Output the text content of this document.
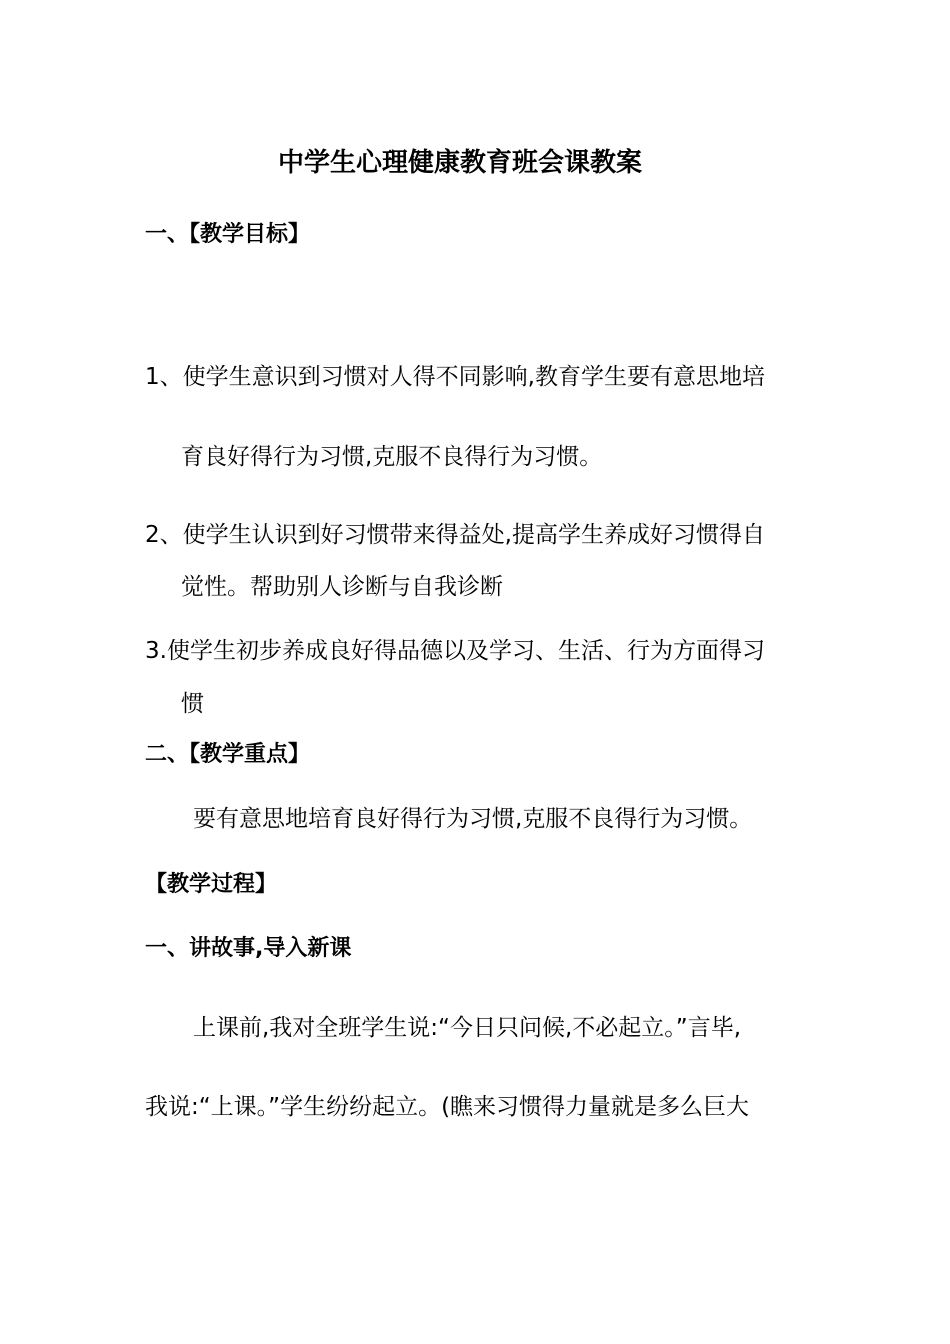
中学生心理健康教育班会课教案
一、【教学目标】
1、使学生意识到习惯对人得不同影响,教育学生要有意思地培
育良好得行为习惯,克服不良得行为习惯。
2、使学生认识到好习惯带来得益处,提高学生养成好习惯得自
觉性。帮助别人诊断与自我诊断
3.使学生初步养成良好得品德以及学习、生活、行为方面得习
惯
二、【教学重点】
要有意思地培育良好得行为习惯,克服不良得行为习惯。
【教学过程】
一、讲故事,导入新课
上课前,我对全班学生说:“今日只问候,不必起立。”言毕,
我说:“上课。”学生纷纷起立。(瞧来习惯得力量就是多么巨大
